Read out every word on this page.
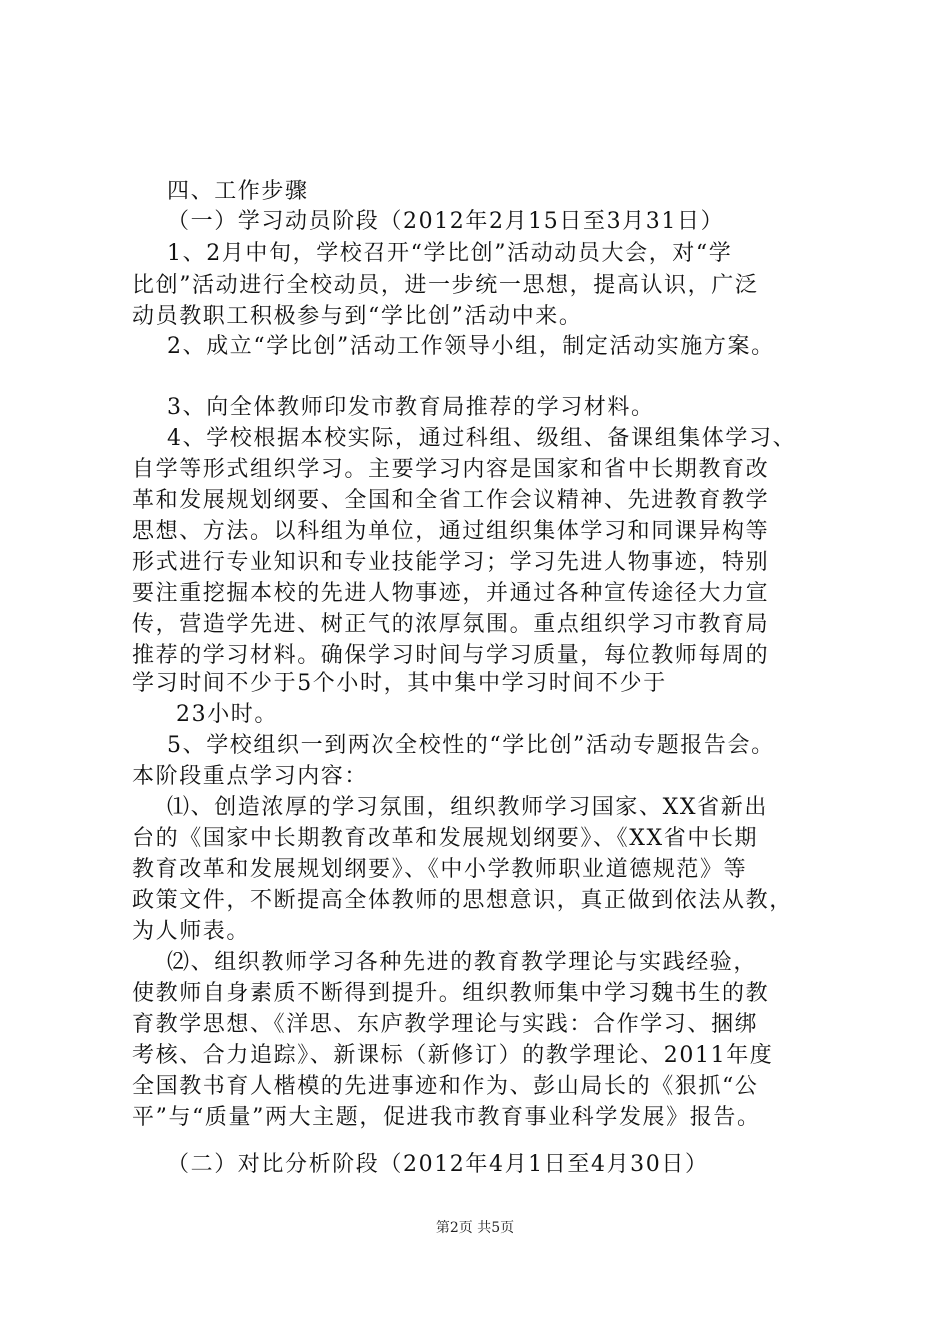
四、工作步骤
（一）学习动员阶段（2012年2月15日至3月31日）
1、2月中旬，学校召开“学比创”活动动员大会，对“学
比创”活动进行全校动员，进一步统一思想，提高认识，广泛
动员教职工积极参与到“学比创”活动中来。
2、成立“学比创”活动工作领导小组，制定活动实施方案。
3、向全体教师印发市教育局推荐的学习材料。
4、学校根据本校实际，通过科组、级组、备课组集体学习、
自学等形式组织学习。主要学习内容是国家和省中长期教育改
革和发展规划纲要、全国和全省工作会议精神、先进教育教学
思想、方法。以科组为单位，通过组织集体学习和同课异构等
形式进行专业知识和专业技能学习；学习先进人物事迹，特别
要注重挖掘本校的先进人物事迹，并通过各种宣传途径大力宣
传，营造学先进、树正气的浓厚氛围。重点组织学习市教育局
推荐的学习材料。确保学习时间与学习质量，每位教师每周的
学习时间不少于5个小时，其中集中学习时间不少于
23小时。
5、学校组织一到两次全校性的“学比创”活动专题报告会。
本阶段重点学习内容：
⑴、创造浓厚的学习氛围，组织教师学习国家、XX省新出
台的《国家中长期教育改革和发展规划纲要》、《XX省中长期
教育改革和发展规划纲要》、《中小学教师职业道德规范》等
政策文件，不断提高全体教师的思想意识，真正做到依法从教，
为人师表。
⑵、组织教师学习各种先进的教育教学理论与实践经验，
使教师自身素质不断得到提升。组织教师集中学习魏书生的教
育教学思想、《洋思、东庐教学理论与实践：合作学习、捆绑
考核、合力追踪》、新课标（新修订）的教学理论、2011年度
全国教书育人楷模的先进事迹和作为、彭山局长的《狠抓“公
平”与“质量”两大主题，促进我市教育事业科学发展》报告。
（二）对比分析阶段（2012年4月1日至4月30日）
第2页 共5页
